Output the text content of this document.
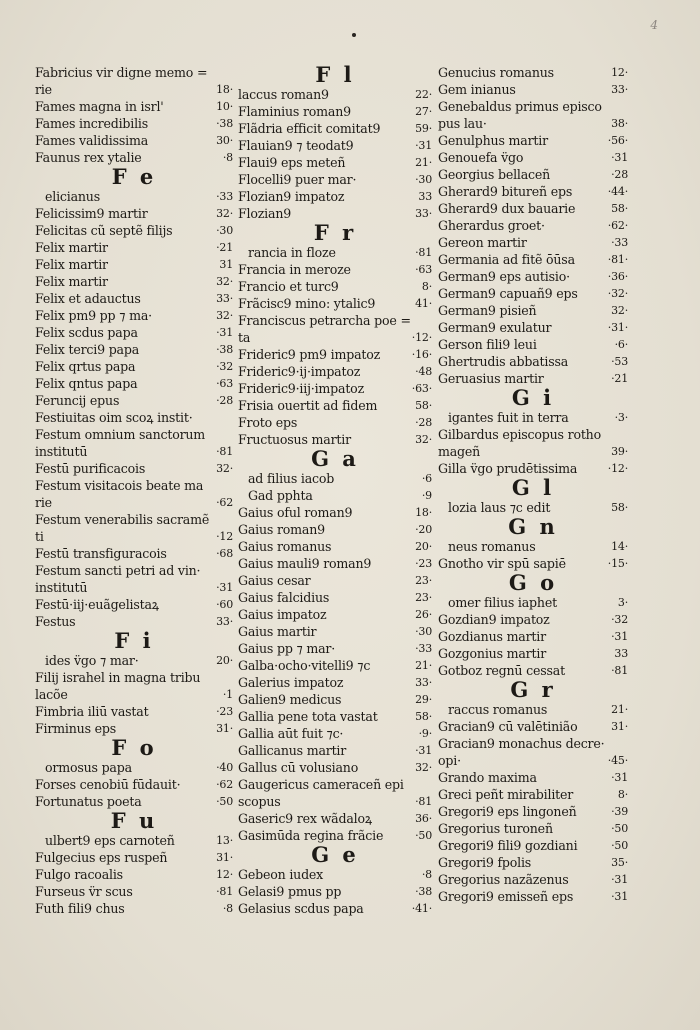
4
Fabricius vir digne memo =
rie	18·
Fames magna in isrl'	10·
Fames incredibilis	·38
Fames validissima	30·
Faunus rex ytalie	·8
F e
elicianus	·33
Felicissim9 martir	32·
Felicitas cũ septẽ filijs	·30
Felix martir	·21
Felix martir	31
Felix martir	32·
Felix et adauctus	33·
Felix pm9 pp ⁊ ma·	32·
Felix scdus papa	·31
Felix terci9 papa	·38
Felix qrtus papa	·32
Felix qntus papa	·63
Feruncij epus	·28
Festiuitas oim scoꝝ instit·
Festum omnium sanctorum
institutū	·81
Festū purificacois	32·
Festum visitacois beate ma
rie	·62
Festum venerabilis sacramẽ
ti	·12
Festū transfiguracois	·68
Festum sancti petri ad vin·
institutū	·31
Festū·iij·euãgelistaꝝ	·60
Festus	33·
F i
ides v̈go ⁊ mar·	20·
Filij israhel in magna tribu
lacõe	·1
Fimbria iliū vastat	·23
Firminus eps	31·
F o
ormosus papa	·40
Forses cenobiū fūdauit·	·62
Fortunatus poeta	·50
F u
ulbert9 eps carnoteñ	13·
Fulgecius eps ruspeñ	31·
Fulgo racoalis	12·
Furseus v̈r scus	·81
Futh fili9 chus	·8
F l
laccus roman9	22·
Flaminius roman9	27·
Flãdria efficit comitat9	59·
Flauian9 ⁊ teodat9	·31
Flaui9 eps meteñ	21·
Flocelli9 puer mar·	·30
Flozian9 impatoz	33
Flozian9	33·
F r
rancia in floze	·81
Francia in meroze	·63
Francio et turc9	8·
Frãcisc9 mino: ytalic9	41·
Franciscus petrarcha poe =
ta	·12·
Frideric9 pm9 impatoz	·16·
Frideric9·ij·impatoz	·48
Frideric9·iij·impatoz	·63·
Frisia ouertit ad fidem	58·
Froto eps	·28
Fructuosus martir	32·
G a
ad filius iacob	·6
Gad pphta	·9
Gaius oful roman9	18·
Gaius roman9	·20
Gaius romanus	20·
Gaius mauli9 roman9	·23
Gaius cesar	23·
Gaius falcidius	23·
Gaius impatoz	26·
Gaius martir	·30
Gaius pp ⁊ mar·	·33
Galba·ocho·vitelli9 ⁊c	21·
Galerius impatoz	33·
Galien9 medicus	29·
Gallia pene tota vastat	58·
Gallia aūt fuit ⁊c·	·9·
Gallicanus martir	·31
Gallus cū volusiano	32·
Gaugericus cameraceñ epi
scopus	·81
Gaseric9 rex wãdaloꝝ	36·
Gasimūda regina frãcie	·50
G e
Gebeon iudex	·8
Gelasi9 pmus pp	·38
Gelasius scdus papa	·41·
Genucius romanus	12·
Gem inianus	33·
Genebaldus primus episco
pus lau·	38·
Genulphus martir	·56·
Genouefa v̈go	·31
Georgius bellaceñ	·28
Gherard9 bitureñ eps	·44·
Gherard9 dux bauarie	58·
Gherardus groet·	·62·
Gereon martir	·33
Germania ad fitẽ ōūsa	·81·
German9 eps autisio·	·36·
German9 capuañ9 eps	·32·
German9 pisieñ	32·
German9 exulatur	·31·
Gerson fili9 leui	·6·
Ghertrudis abbatissa	·53
Geruasius martir	·21
G i
igantes fuit in terra	·3·
Gilbardus episcopus rotho
mageñ	39·
Gilla v̈go prudētissima	·12·
G l
lozia laus ⁊c edit	58·
G n
neus romanus	14·
Gnotho vir spū sapiē	·15·
G o
omer filius iaphet	3·
Gozdian9 impatoz	·32
Gozdianus martir	·31
Gozgonius martir	33
Gotboz regnū cessat	·81
G r
raccus romanus	21·
Gracian9 cū valētinião	31·
Gracian9 monachus decre·
opi·	·45·
Grando maxima	·31
Greci peñt mirabiliter	8·
Gregori9 eps lingoneñ	·39
Gregorius turoneñ	·50
Gregori9 fili9 gozdiani	·50
Gregori9 fpolis	35·
Gregorius nazãzenus	·31
Gregori9 emisseñ eps	·31
